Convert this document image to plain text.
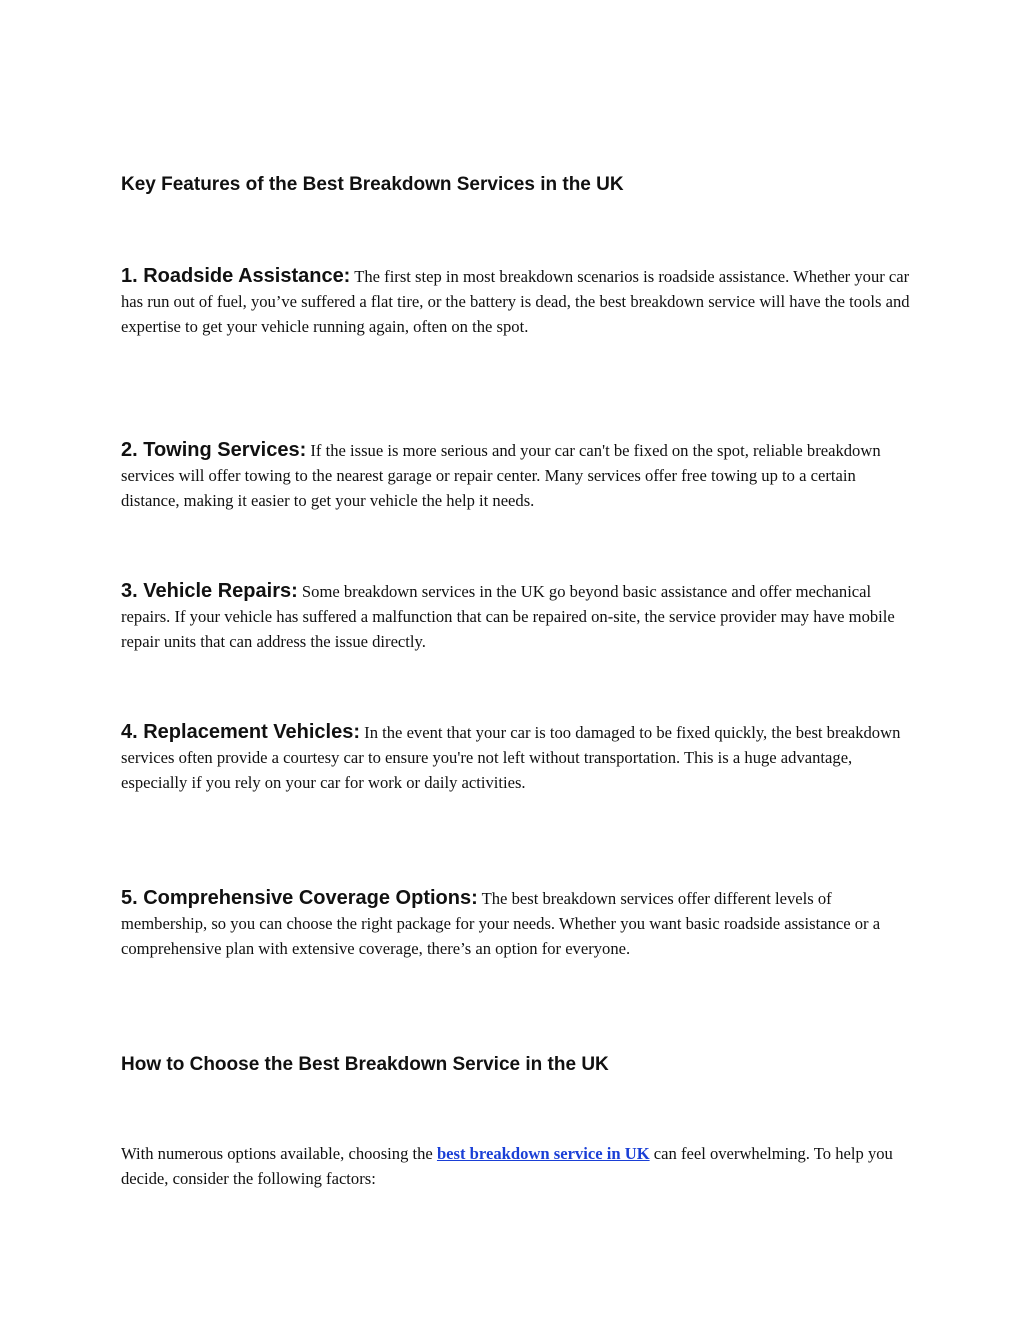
Key Features of the Best Breakdown Services in the UK
1. Roadside Assistance: The first step in most breakdown scenarios is roadside assistance. Whether your car has run out of fuel, you’ve suffered a flat tire, or the battery is dead, the best breakdown service will have the tools and expertise to get your vehicle running again, often on the spot.
2. Towing Services: If the issue is more serious and your car can't be fixed on the spot, reliable breakdown services will offer towing to the nearest garage or repair center. Many services offer free towing up to a certain distance, making it easier to get your vehicle the help it needs.
3. Vehicle Repairs: Some breakdown services in the UK go beyond basic assistance and offer mechanical repairs. If your vehicle has suffered a malfunction that can be repaired on-site, the service provider may have mobile repair units that can address the issue directly.
4. Replacement Vehicles: In the event that your car is too damaged to be fixed quickly, the best breakdown services often provide a courtesy car to ensure you're not left without transportation. This is a huge advantage, especially if you rely on your car for work or daily activities.
5. Comprehensive Coverage Options: The best breakdown services offer different levels of membership, so you can choose the right package for your needs. Whether you want basic roadside assistance or a comprehensive plan with extensive coverage, there’s an option for everyone.
How to Choose the Best Breakdown Service in the UK
With numerous options available, choosing the best breakdown service in UK can feel overwhelming. To help you decide, consider the following factors:
